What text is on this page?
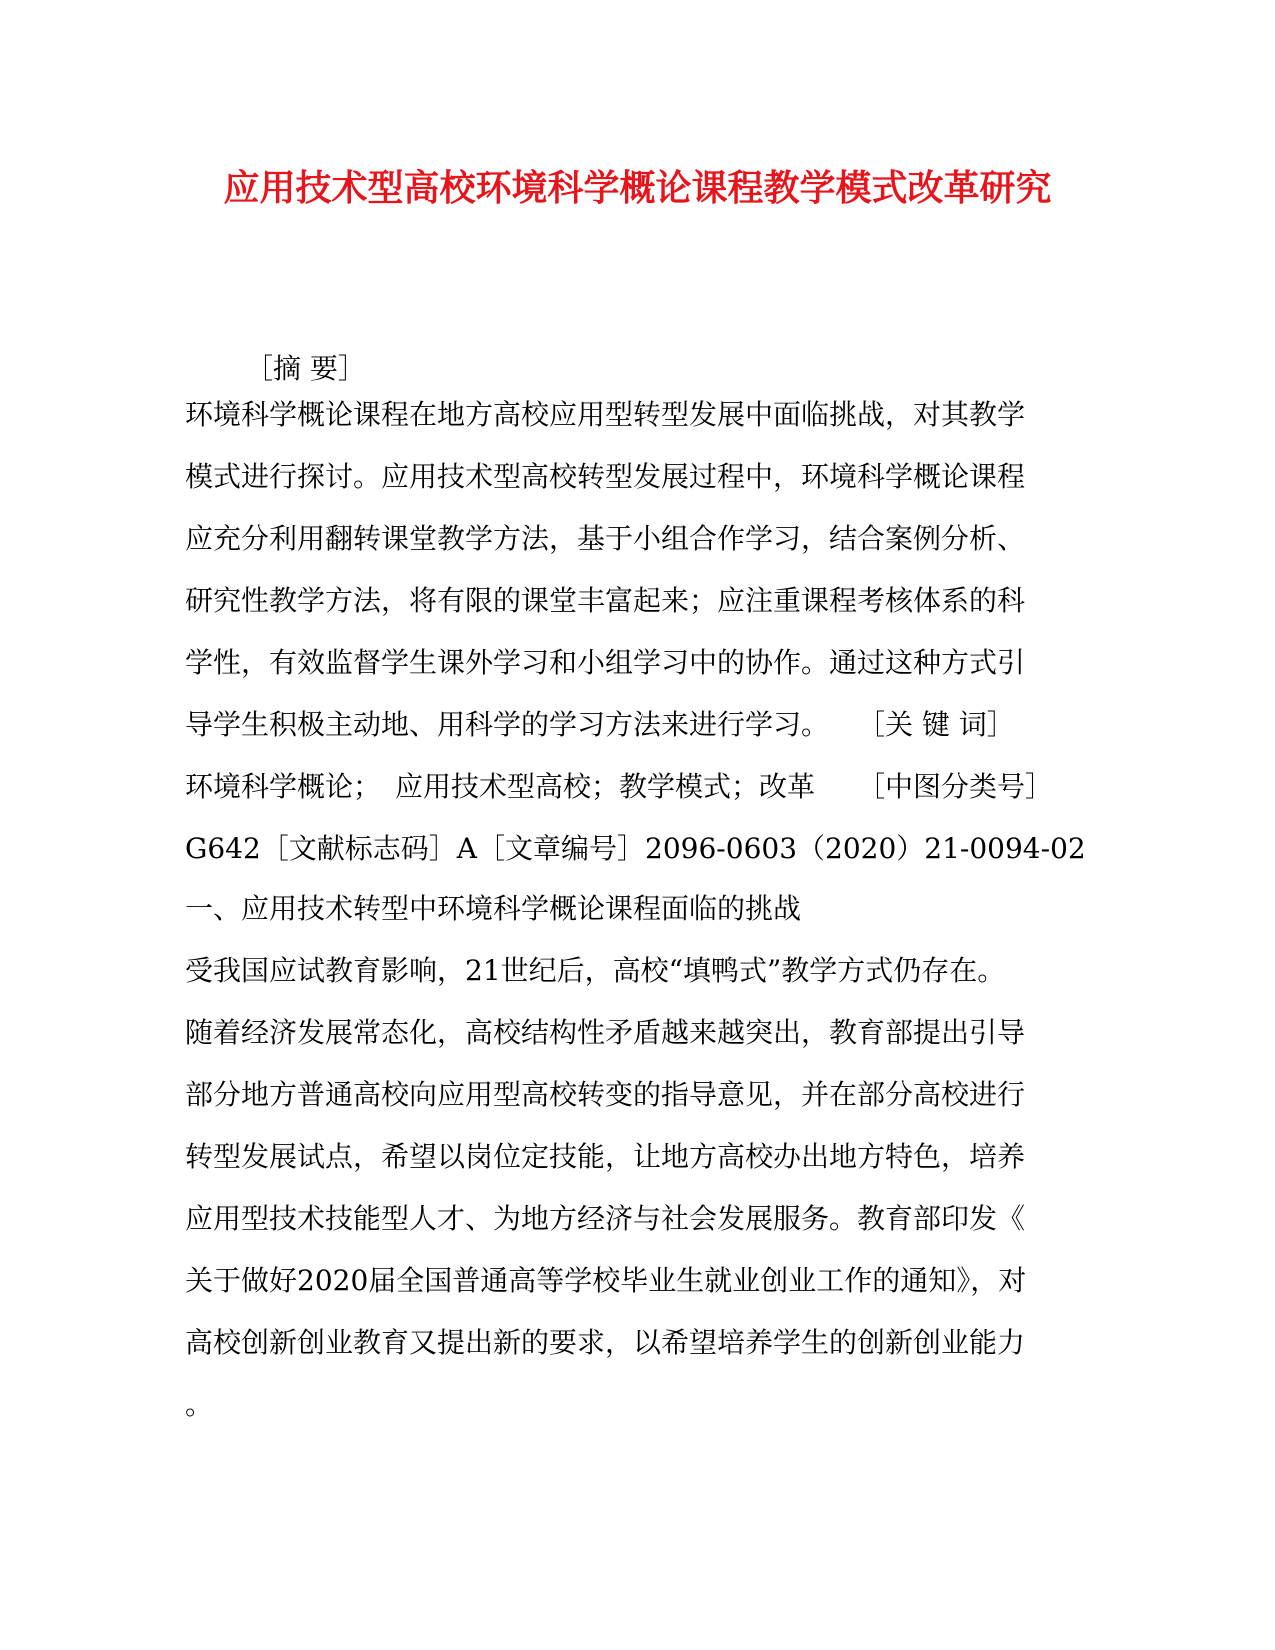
应用技术型高校环境科学概论课程教学模式改革研究
［摘 要］
环境科学概论课程在地方高校应用型转型发展中面临挑战，对其教学
模式进行探讨。应用技术型高校转型发展过程中，环境科学概论课程
应充分利用翻转课堂教学方法，基于小组合作学习，结合案例分析、
研究性教学方法，将有限的课堂丰富起来；应注重课程考核体系的科
学性，有效监督学生课外学习和小组学习中的协作。通过这种方式引
导学生积极主动地、用科学的学习方法来进行学习。　　［关 键 词］
环境科学概论；　应用技术型高校；教学模式；改革　　［中图分类号］
G642［文献标志码］A［文章编号］2096-0603（2020）21-0094-02
一、应用技术转型中环境科学概论课程面临的挑战
受我国应试教育影响，21世纪后，高校“填鸭式”教学方式仍存在。
随着经济发展常态化，高校结构性矛盾越来越突出，教育部提出引导
部分地方普通高校向应用型高校转变的指导意见，并在部分高校进行
转型发展试点，希望以岗位定技能，让地方高校办出地方特色，培养
应用型技术技能型人才、为地方经济与社会发展服务。教育部印发《
关于做好2020届全国普通高等学校毕业生就业创业工作的通知》，对
高校创新创业教育又提出新的要求，以希望培养学生的创新创业能力
。
